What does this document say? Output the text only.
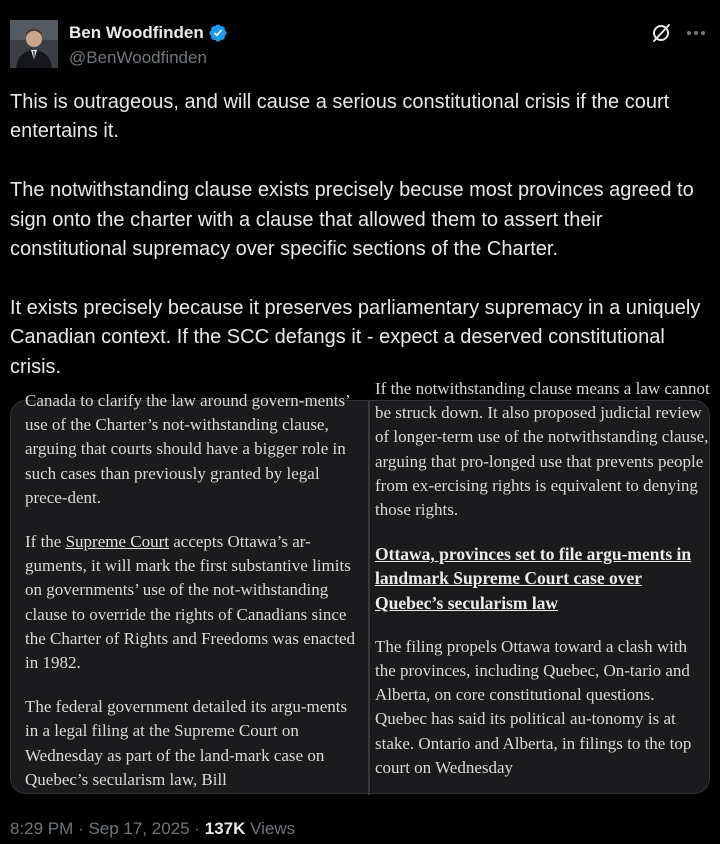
Ben Woodfinden
@BenWoodfinden

This is outrageous, and will cause a serious constitutional crisis if the court entertains it.

The notwithstanding clause exists precisely becuse most provinces agreed to sign onto the charter with a clause that allowed them to assert their constitutional supremacy over specific sections of the Charter.

It exists precisely because it preserves parliamentary supremacy in a uniquely Canadian context. If the SCC defangs it - expect a deserved constitutional crisis.

Canada to clarify the law around govern-ments’ use of the Charter’s not-withstanding clause, arguing that courts should have a bigger role in such cases than previously granted by legal prece-dent.

If the Supreme Court accepts Ottawa’s ar-guments, it will mark the first substantive limits on governments’ use of the not-withstanding clause to override the rights of Canadians since the Charter of Rights and Freedoms was enacted in 1982.

The federal government detailed its argu-ments in a legal filing at the Supreme Court on Wednesday as part of the land-mark case on Quebec’s secularism law, Bill

If the notwithstanding clause means a law cannot be struck down. It also proposed judicial review of longer-term use of the notwithstanding clause, arguing that pro-longed use that prevents people from ex-ercising rights is equivalent to denying those rights.

Ottawa, provinces set to file argu-ments in landmark Supreme Court case over Quebec’s secularism law

The filing propels Ottawa toward a clash with the provinces, including Quebec, On-tario and Alberta, on core constitutional questions. Quebec has said its political au-tonomy is at stake. Ontario and Alberta, in filings to the top court on Wednesday

8:29 PM · Sep 17, 2025 · 137K Views
